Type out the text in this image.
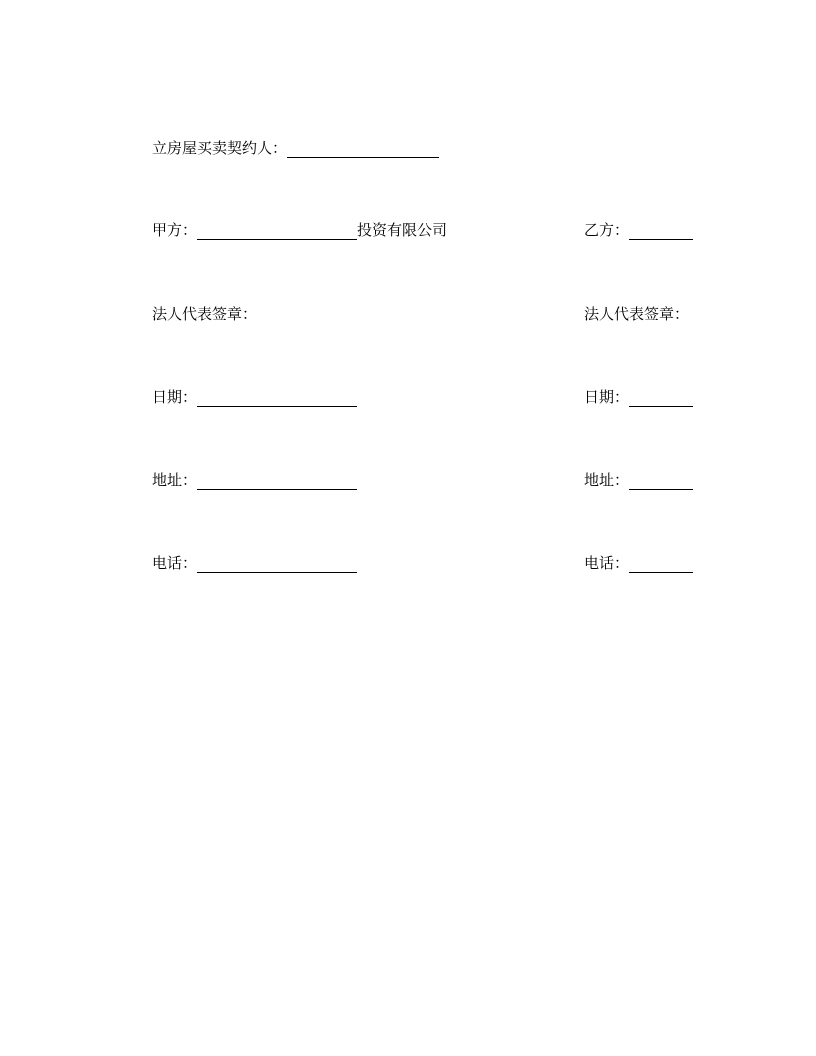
立房屋买卖契约人：
甲方：	投资有限公司	乙方：
法人代表签章：	法人代表签章：
日期：	日期：
地址：	地址：
电话：	电话：
